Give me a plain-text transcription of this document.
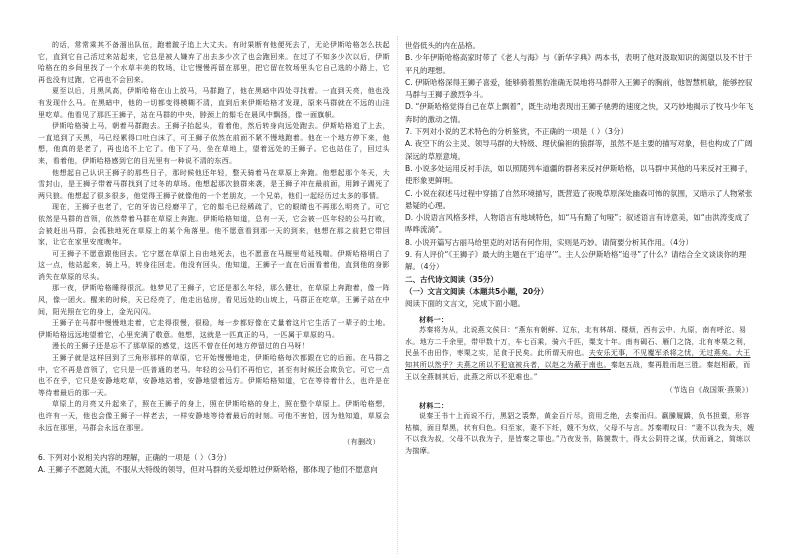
的话，常常乘其不备溜出队伍，跑着跛子追上大丈夫。有时果断有他便死去了，无论伊斯哈格怎么扶起它，直到它自己活过来站起来，它总是被人嫌弃了出去多少次了也会跑回来。在过了不知多少次以后，伊斯哈格在的乡间里找了一个水草丰美的牧场，让它慢慢再留在那里，把它留在牧场里头它自己选的小路上，它再也没有过跑，它再也不会回来。

夏至以后，月黑风高，伊斯哈格在山上放马，马群跑了，他在黑暗中四处寻找着。一直到天亮，他也没有发现什么马。在黑暗中，他的一切都变得模糊不清，直到后来伊斯哈格才发现，原来马群就在不远的山洼里吃草。他看见了那匹王狮子，站在马群的中央，脖颈上的鬃毛在晨风中飘扬，像一面旗帜。

伊斯哈格骑上马，朝着马群跑去。王狮子抬起头，看着他，然后转身向远处跑去。伊斯哈格追了上去，一直追到了天黑，马已经累得口吐白沫了，可王狮子依然在前面不紧不慢地跑着。他在一个地方停下来，他想，他真的是老了，再也追不上它了。他下了马，坐在草地上，望着远处的王狮子。它也站住了，回过头来，看着他，伊斯哈格感到它的目光里有一种说不清的东西。

他想起自己认识王狮子的那些日子，那时候他还年轻，整天骑着马在草原上奔跑。他想起那个冬天，大雪封山，是王狮子带着马群找到了过冬的草场。他想起那次狼群来袭，是王狮子冲在最前面，用蹄子踢死了两只狼。他想起了很多很多，他觉得王狮子就像他的一个老朋友，一个兄弟，他们一起经历过太多的事情。

现在，王狮子也老了，它的牙齿已经磨平了，它的鬃毛已经稀疏了，它的眼睛也不再那么明亮了。可它依然是马群的首领，依然带着马群在草原上奔跑。伊斯哈格知道，总有一天，它会被一匹年轻的公马打败，会被赶出马群，会孤独地死在草原上的某个角落里。他不愿意看到那一天的到来，他想在那之前把它带回家，让它在家里安度晚年。

可王狮子不愿意跟他回去。它宁愿在草原上自由地死去，也不愿意在马厩里苟延残喘。伊斯哈格明白了这一点，他站起来，骑上马，转身往回走。他没有回头，他知道，王狮子一直在后面看着他，直到他的身影消失在草原的尽头。

那一夜，伊斯哈格睡得很沉。他梦见了王狮子，它还是那么年轻，那么健壮，在草原上奔跑着，像一阵风，像一团火。醒来的时候，天已经亮了，他走出毡房，看见远处的山坡上，马群正在吃草，王狮子站在中间，阳光照在它的身上，金光闪闪。

王狮子在马群中慢慢地走着，它走得很慢，很稳，每一步都好像在丈量着这片它生活了一辈子的土地。伊斯哈格远远地望着它，心里充满了敬意。他想，这就是一匹真正的马，一匹属于草原的马。

漫长的王狮子还是忘不了那草原的感觉，这匹不曾在任何地方停留过的白马呀！

王狮子就是这样回到了三角形那样的草原，它开始慢慢地走，伊斯哈格每次都跟在它的后面。在马群之中，它不再是首领了，它只是一匹普通的老马。年轻的公马们不再怕它，甚至有时候还会欺负它。可它一点也不在乎，它只是安静地吃草，安静地站着，安静地望着远方。伊斯哈格知道，它在等待着什么，也许是在等待着最后的那一天。

草原上的月亮又升起来了，照在王狮子的身上，照在伊斯哈格的身上，照在整个草原上。伊斯哈格想，也许有一天，他也会像王狮子一样老去，一样安静地等待着最后的时刻。可他不害怕，因为他知道，草原会永远在那里，马群会永远在那里。

（有删改）

6. 下列对小说相关内容的理解，正确的一项是（ ）（3分）

A. 王狮子不愿随大流，不服从大特级的领导，但对马群的关爱却胜过伊斯哈格，都体现了他们不愿意向

世俗低头的内在品格。

B. 少年伊斯哈格高家时带了《老人与海》与《新华字典》两本书，表明了他对汲取知识的渴望以及不甘于平凡的理想。

C. 伊斯哈格深得王狮子喜爱，能够骑着黑豹准确无误地将马群带入王狮子的胸前，他智慧机敏，能够控驭马群与王狮子激烈争斗。

D. “伊斯哈格觉得自己在草上飘着”，既生动地表现出王狮子驰骋的速度之快，又巧妙地揭示了牧马少年飞奔时的激动之情。

7. 下列对小说的艺术特色的分析鉴赏，不正确的一项是（ ）（3分）

A. 夜空下的公主灵、领导马群的大特级、理伏偏袒的狼群等，虽然不是主要的描写对象，但也构成了广阔深远的草原意境。

B. 小说多处运用反衬手法，如以照随列车道疆的群者来反衬伊斯哈格，以马群中其他的马来反衬王狮子，使形象更鲜明。

C. 小说在叙述马过程中穿插了自然环境描写，既营造了夜晚草原深处幽森可怖的氛围，又暗示了人物紧张悬疑的心理。

D. 小说语言风格多样，人物语言有地域特色，如“马有黯了句哑”；叙述语言有诗意美，如“由洪涛变成了哗哗流淌”。

8. 小说开篇写古丽马给里克的对话有何作用，实则是巧妙。请简要分析其作用。（4分）

9. 有人评价“《王狮子》最大的主题在于‘追寻’”。主人公伊斯哈格“追寻”了什么？请结合全文谈谈你的理解。（4分）

二、古代诗文阅读（35分）

（一）文言文阅读（本题共5小题，20分）

阅读下面的文言文，完成下面小题。

材料一：

苏秦将为从，北说燕文侯曰：“燕东有朝鲜、辽东，北有林胡、楼烦，西有云中、九原，南有呼沱、易水。地方二千余里，带甲数十万，车七百乘，骑六千匹，粟支十年。南有碣石、雁门之饶，北有枣栗之利，民虽不由田作，枣栗之实，足食于民矣。此所谓天府也。夫安乐无事，不见覆军杀将之忧，无过燕矣。大王知其所以然乎？夫燕之所以不犯寇被兵者，以赵之为蔽于南也。秦赵五战，秦再胜而赵三胜。秦赵相蔽，而王以全燕制其后，此燕之所以不犯难也。”

（节选自《战国策·燕策》）

材料二：

说秦王书十上而说不行，黑貂之裘弊，黄金百斤尽，资用乏绝，去秦而归。羸縢履蹻，负书担橐，形容枯槁，面目犁黑，状有归色。归至家，妻不下纴，嫂不为炊，父母不与言。苏秦喟叹曰：“妻不以我为夫，嫂不以我为叔，父母不以我为子，是皆秦之罪也。”乃夜发书，陈箧数十，得太公阴符之谋，伏而诵之，简练以为揣摩。
